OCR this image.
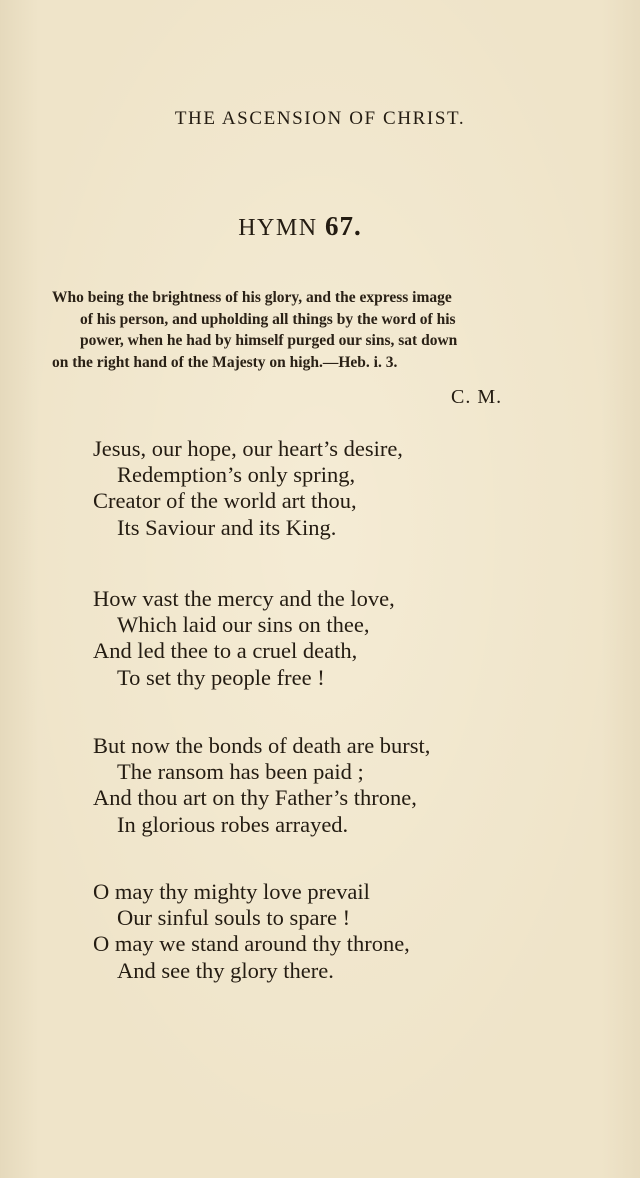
THE ASCENSION OF CHRIST.
HYMN 67.
Who being the brightness of his glory, and the express image
of his person, and upholding all things by the word of his
power, when he had by himself purged our sins, sat down
on the right hand of the Majesty on high.—Heb. i. 3.
C. M.
Jesus, our hope, our heart’s desire,
Redemption’s only spring,
Creator of the world art thou,
Its Saviour and its King.
How vast the mercy and the love,
Which laid our sins on thee,
And led thee to a cruel death,
To set thy people free !
But now the bonds of death are burst,
The ransom has been paid ;
And thou art on thy Father’s throne,
In glorious robes arrayed.
O may thy mighty love prevail
Our sinful souls to spare !
O may we stand around thy throne,
And see thy glory there.
